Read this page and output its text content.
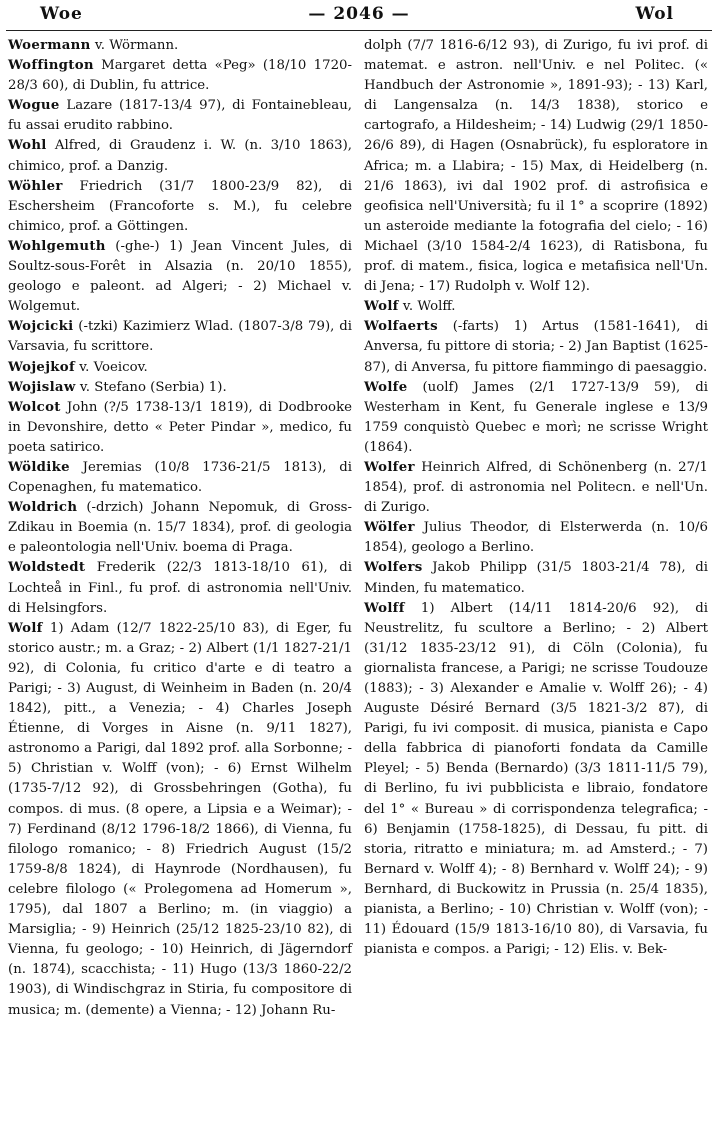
Woe	— 2046 —	Wol

Woermann v. Wörmann.

Woffington Margaret detta «Peg» (18/10 1720-28/3 60), di Dublin, fu attrice.

Wogue Lazare (1817-13/4 97), di Fontainebleau, fu assai erudito rabbino.

Wohl Alfred, di Graudenz i. W. (n. 3/10 1863), chimico, prof. a Danzig.

Wöhler Friedrich (31/7 1800-23/9 82), di Eschersheim (Francoforte s. M.), fu celebre chimico, prof. a Göttingen.

Wohlgemuth (-ghe-) 1) Jean Vincent Jules, di Soultz-sous-Forêt in Alsazia (n. 20/10 1855), geologo e paleont. ad Algeri; - 2) Michael v. Wolgemut.

Wojcicki (-tzki) Kazimierz Wlad. (1807-3/8 79), di Varsavia, fu scrittore.

Wojejkof v. Voeicov.

Wojislaw v. Stefano (Serbia) 1).

Wolcot John (?/5 1738-13/1 1819), di Dodbrooke in Devonshire, detto « Peter Pindar », medico, fu poeta satirico.

Wöldike Jeremias (10/8 1736-21/5 1813), di Copenaghen, fu matematico.

Woldrich (-drzich) Johann Nepomuk, di Gross-Zdikau in Boemia (n. 15/7 1834), prof. di geologia e paleontologia nell'Univ. boema di Praga.

Woldstedt Frederik (22/3 1813-18/10 61), di Lochteå in Finl., fu prof. di astronomia nell'Univ. di Helsingfors.

Wolf 1) Adam (12/7 1822-25/10 83), di Eger, fu storico austr.; m. a Graz; - 2) Albert (1/1 1827-21/1 92), di Colonia, fu critico d'arte e di teatro a Parigi; - 3) August, di Weinheim in Baden (n. 20/4 1842), pitt., a Venezia; - 4) Charles Joseph Étienne, di Vorges in Aisne (n. 9/11 1827), astronomo a Parigi, dal 1892 prof. alla Sorbonne; - 5) Christian v. Wolff (von); - 6) Ernst Wilhelm (1735-7/12 92), di Grossbehringen (Gotha), fu compos. di mus. (8 opere, a Lipsia e a Weimar); - 7) Ferdinand (8/12 1796-18/2 1866), di Vienna, fu filologo romanico; - 8) Friedrich August (15/2 1759-8/8 1824), di Haynrode (Nordhausen), fu celebre filologo (« Prolegomena ad Homerum », 1795), dal 1807 a Berlino; m. (in viaggio) a Marsiglia; - 9) Heinrich (25/12 1825-23/10 82), di Vienna, fu geologo; - 10) Heinrich, di Jägerndorf (n. 1874), scacchista; - 11) Hugo (13/3 1860-22/2 1903), di Windischgraz in Stiria, fu compositore di musica; m. (demente) a Vienna; - 12) Johann Ru-

dolph (7/7 1816-6/12 93), di Zurigo, fu ivi prof. di matemat. e astron. nell'Univ. e nel Politec. (« Handbuch der Astronomie », 1891-93); - 13) Karl, di Langensalza (n. 14/3 1838), storico e cartografo, a Hildesheim; - 14) Ludwig (29/1 1850-26/6 89), di Hagen (Osnabrück), fu esploratore in Africa; m. a Llabira; - 15) Max, di Heidelberg (n. 21/6 1863), ivi dal 1902 prof. di astrofisica e geofisica nell'Università; fu il 1° a scoprire (1892) un asteroide mediante la fotografia del cielo; - 16) Michael (3/10 1584-2/4 1623), di Ratisbona, fu prof. di matem., fisica, logica e metafisica nell'Un. di Jena; - 17) Rudolph v. Wolf 12).

Wolf v. Wolff.

Wolfaerts (-farts) 1) Artus (1581-1641), di Anversa, fu pittore di storia; - 2) Jan Baptist (1625-87), di Anversa, fu pittore fiammingo di paesaggio.

Wolfe (uolf) James (2/1 1727-13/9 59), di Westerham in Kent, fu Generale inglese e 13/9 1759 conquistò Quebec e morì; ne scrisse Wright (1864).

Wolfer Heinrich Alfred, di Schönenberg (n. 27/1 1854), prof. di astronomia nel Politecn. e nell'Un. di Zurigo.

Wölfer Julius Theodor, di Elsterwerda (n. 10/6 1854), geologo a Berlino.

Wolfers Jakob Philipp (31/5 1803-21/4 78), di Minden, fu matematico.

Wolff 1) Albert (14/11 1814-20/6 92), di Neustrelitz, fu scultore a Berlino; - 2) Albert (31/12 1835-23/12 91), di Cöln (Colonia), fu giornalista francese, a Parigi; ne scrisse Toudouze (1883); - 3) Alexander e Amalie v. Wolff 26); - 4) Auguste Désiré Bernard (3/5 1821-3/2 87), di Parigi, fu ivi composit. di musica, pianista e Capo della fabbrica di pianoforti fondata da Camille Pleyel; - 5) Benda (Bernardo) (3/3 1811-11/5 79), di Berlino, fu ivi pubblicista e libraio, fondatore del 1° « Bureau » di corrispondenza telegrafica; - 6) Benjamin (1758-1825), di Dessau, fu pitt. di storia, ritratto e miniatura; m. ad Amsterd.; - 7) Bernard v. Wolff 4); - 8) Bernhard v. Wolff 24); - 9) Bernhard, di Buckowitz in Prussia (n. 25/4 1835), pianista, a Berlino; - 10) Christian v. Wolff (von); - 11) Édouard (15/9 1813-16/10 80), di Varsavia, fu pianista e compos. a Parigi; - 12) Elis. v. Bek-
